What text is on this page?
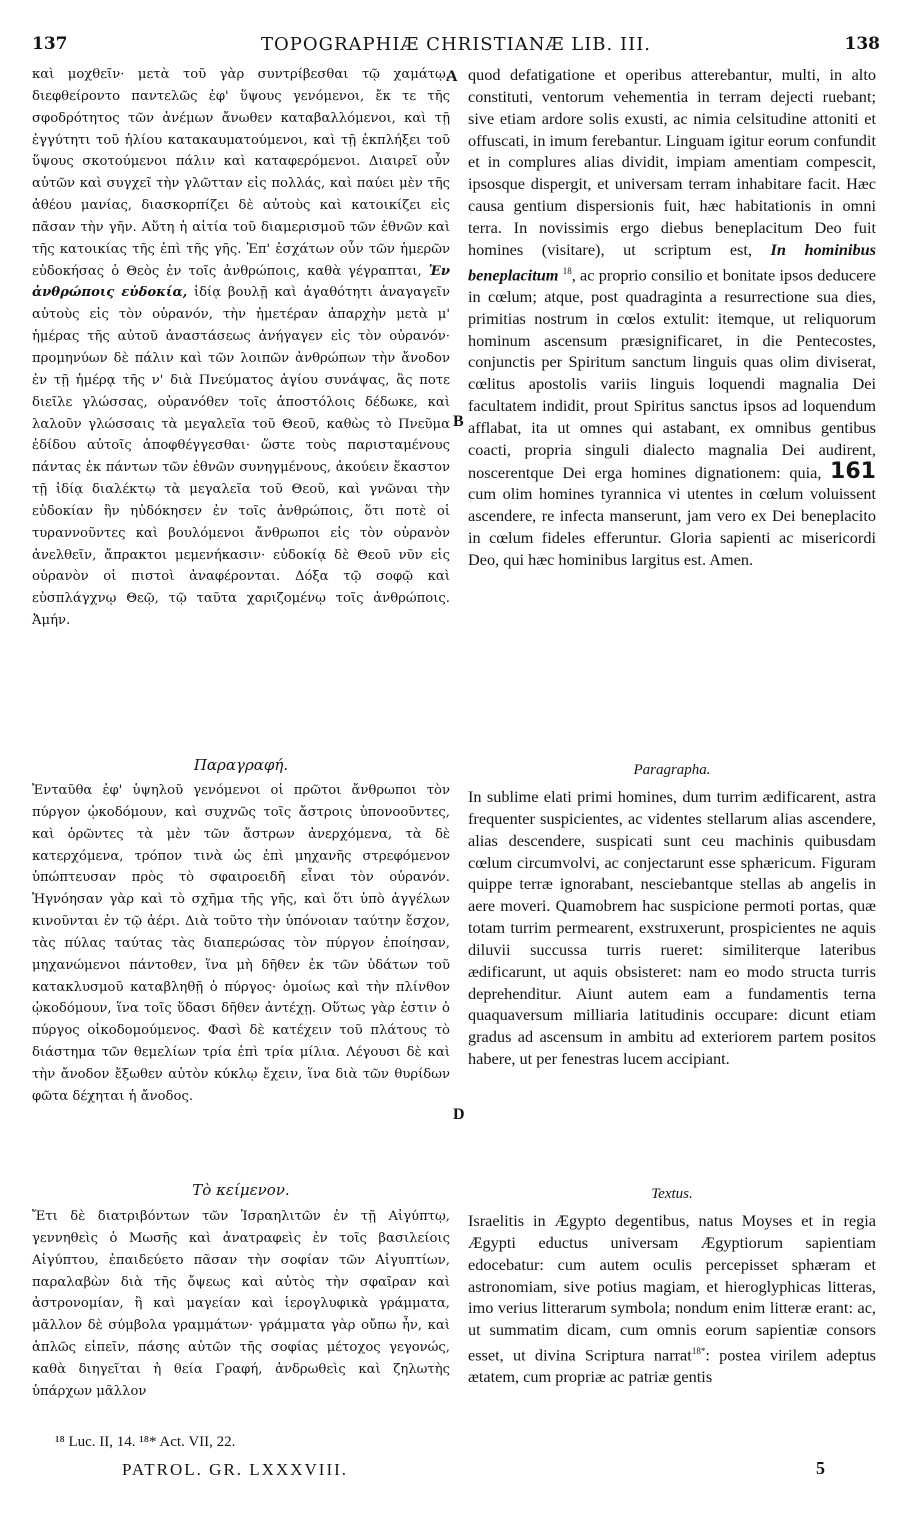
137	TOPOGRAPHIÆ CHRISTIANÆ LIB. III.	138

καὶ μοχθεῖν· μετὰ τοῦ γὰρ συντρίβεσθαι τῷ χαμάτῳ, διεφθείροντο παντελῶς ἐφ' ὕψους γενόμενοι, ἔκ τε τῆς σφοδρότητος τῶν ἀνέμων ἄνωθεν καταβαλλόμενοι, καὶ τῇ ἐγγύτητι τοῦ ἡλίου κατακαυματούμενοι, καὶ τῇ ἐκπλήξει τοῦ ὕψους σκοτούμενοι πάλιν καὶ καταφερόμενοι. Διαιρεῖ οὖν αὐτῶν καὶ συγχεῖ τὴν γλῶτταν εἰς πολλάς, καὶ παύει μὲν τῆς ἀθέου μανίας, διασκορπίζει δὲ αὐτοὺς καὶ κατοικίζει εἰς πᾶσαν τὴν γῆν. Αὕτη ἡ αἰτία τοῦ διαμερισμοῦ τῶν ἐθνῶν καὶ τῆς κατοικίας τῆς ἐπὶ τῆς γῆς. Ἐπ' ἐσχάτων οὖν τῶν ἡμερῶν εὐδοκήσας ὁ Θεὸς ἐν τοῖς ἀνθρώποις, καθὰ γέγραπται, Ἐν ἀνθρώποις εὐδοκία, ἰδίᾳ βουλῇ καὶ ἀγαθότητι ἀναγαγεῖν αὐτοὺς εἰς τὸν οὐρανόν, τὴν ἡμετέραν ἀπαρχὴν μετὰ μ' ἡμέρας τῆς αὐτοῦ ἀναστάσεως ἀνήγαγεν εἰς τὸν οὐρανόν· προμηνύων δὲ πάλιν καὶ τῶν λοιπῶν ἀνθρώπων τὴν ἄνοδον ἐν τῇ ἡμέρᾳ τῆς ν' διὰ Πνεύματος ἁγίου συνάψας, ἃς ποτε διεῖλε γλώσσας, οὐρανόθεν τοῖς ἀποστόλοις δέδωκε, καὶ λαλοῦν γλώσσαις τὰ μεγαλεῖα τοῦ Θεοῦ, καθὼς τὸ Πνεῦμα ἐδίδου αὐτοῖς ἀποφθέγγεσθαι· ὥστε τοὺς παρισταμένους πάντας ἐκ πάντων τῶν ἐθνῶν συνηγμένους, ἀκούειν ἕκαστον τῇ ἰδίᾳ διαλέκτῳ τὰ μεγαλεῖα τοῦ Θεοῦ, καὶ γνῶναι τὴν εὐδοκίαν ἣν ηὐδόκησεν ἐν τοῖς ἀνθρώποις, ὅτι ποτὲ οἱ τυραννοῦντες καὶ βουλόμενοι ἄνθρωποι εἰς τὸν οὐρανὸν ἀνελθεῖν, ἄπρακτοι μεμενήκασιν· εὐδοκίᾳ δὲ Θεοῦ νῦν εἰς οὐρανὸν οἱ πιστοὶ ἀναφέρονται. Δόξα τῷ σοφῷ καὶ εὐσπλάγχνῳ Θεῷ, τῷ ταῦτα χαριζομένῳ τοῖς ἀνθρώποις. Ἀμήν.

Παραγραφή.

Ἐνταῦθα ἐφ' ὑψηλοῦ γενόμενοι οἱ πρῶτοι ἄνθρωποι τὸν πύργον ᾠκοδόμουν, καὶ συχνῶς τοῖς ἄστροις ὑπονοοῦντες, καὶ ὁρῶντες τὰ μὲν τῶν ἄστρων ἀνερχόμενα, τὰ δὲ κατερχόμενα, τρόπον τινὰ ὡς ἐπὶ μηχανῆς στρεφόμενον ὑπώπτευσαν πρὸς τὸ σφαιροειδῆ εἶναι τὸν οὐρανόν. Ἠγνόησαν γὰρ καὶ τὸ σχῆμα τῆς γῆς, καὶ ὅτι ὑπὸ ἀγγέλων κινοῦνται ἐν τῷ ἀέρι. Διὰ τοῦτο τὴν ὑπόνοιαν ταύτην ἔσχον, τὰς πύλας ταύτας τὰς διαπερώσας τὸν πύργον ἐποίησαν, μηχανώμενοι πάντοθεν, ἵνα μὴ δῆθεν ἐκ τῶν ὑδάτων τοῦ κατακλυσμοῦ καταβληθῇ ὁ πύργος· ὁμοίως καὶ τὴν πλίνθον ᾠκοδόμουν, ἵνα τοῖς ὕδασι δῆθεν ἀντέχῃ. Οὕτως γὰρ ἐστιν ὁ πύργος οἰκοδομούμενος. Φασὶ δὲ κατέχειν τοῦ πλάτους τὸ διάστημα τῶν θεμελίων τρία ἐπὶ τρία μίλια. Λέγουσι δὲ καὶ τὴν ἄνοδον ἔξωθεν αὐτὸν κύκλῳ ἔχειν, ἵνα διὰ τῶν θυρίδων φῶτα δέχηται ἡ ἄνοδος.

Τὸ κείμενον.

Ἔτι δὲ διατριβόντων τῶν Ἰσραηλιτῶν ἐν τῇ Αἰγύπτῳ, γεννηθεὶς ὁ Μωσῆς καὶ ἀνατραφεὶς ἐν τοῖς βασιλείοις Αἰγύπτου, ἐπαιδεύετο πᾶσαν τὴν σοφίαν τῶν Αἰγυπτίων, παραλαβὼν διὰ τῆς ὄψεως καὶ αὐτὸς τὴν σφαῖραν καὶ ἀστρονομίαν, ἢ καὶ μαγείαν καὶ ἱερογλυφικὰ γράμματα, μᾶλλον δὲ σύμβολα γραμμάτων· γράμματα γὰρ οὔπω ἦν, καὶ ἁπλῶς εἰπεῖν, πάσης αὐτῶν τῆς σοφίας μέτοχος γεγονώς, καθὰ διηγεῖται ἡ θεία Γραφή, ἀνδρωθεὶς καὶ ζηλωτὴς ὑπάρχων μᾶλλον

A
B
D

quod defatigatione et operibus atterebantur, multi, in alto constituti, ventorum vehementia in terram dejecti ruebant; sive etiam ardore solis exusti, ac nimia celsitudine attoniti et offuscati, in imum ferebantur. Linguam igitur eorum confundit et in complures alias dividit, impiam amentiam compescit, ipsosque dispergit, et universam terram inhabitare facit. Hæc causa gentium dispersionis fuit, hæc habitationis in omni terra. In novissimis ergo diebus beneplacitum Deo fuit homines (visitare), ut scriptum est, In hominibus beneplacitum $^{18}$, ac proprio consilio et bonitate ipsos deducere in cœlum; atque, post quadraginta a resurrectione sua dies, primitias nostrum in cœlos extulit: itemque, ut reliquorum hominum ascensum præsignificaret, in die Pentecostes, conjunctis per Spiritum sanctum linguis quas olim diviserat, cœlitus apostolis variis linguis loquendi magnalia Dei facultatem indidit, prout Spiritus sanctus ipsos ad loquendum afflabat, ita ut omnes qui astabant, ex omnibus gentibus coacti, propria singuli dialecto magnalia Dei audirent, noscerentque Dei erga homines dignationem: quia, 161 cum olim homines tyrannica vi utentes in cœlum voluissent ascendere, re infecta manserunt, jam vero ex Dei beneplacito in cœlum fideles efferuntur. Gloria sapienti ac misericordi Deo, qui hæc hominibus largitus est. Amen.

Paragrapha.

In sublime elati primi homines, dum turrim ædificarent, astra frequenter suspicientes, ac videntes stellarum alias ascendere, alias descendere, suspicati sunt ceu machinis quibusdam cœlum circumvolvi, ac conjectarunt esse sphæricum. Figuram quippe terræ ignorabant, nesciebantque stellas ab angelis in aere moveri. Quamobrem hac suspicione permoti portas, quæ totam turrim permearent, exstruxerunt, prospicientes ne aquis diluvii succussa turris rueret: similiterque lateribus ædificarunt, ut aquis obsisteret: nam eo modo structa turris deprehenditur. Aiunt autem eam a fundamentis terna quaquaversum milliaria latitudinis occupare: dicunt etiam gradus ad ascensum in ambitu ad exteriorem partem positos habere, ut per fenestras lucem accipiant.

Textus.

Israelitis in Ægypto degentibus, natus Moyses et in regia Ægypti eductus universam Ægyptiorum sapientiam edocebatur: cum autem oculis percepisset sphæram et astronomiam, sive potius magiam, et hieroglyphicas litteras, imo verius litterarum symbola; nondum enim litteræ erant: ac, ut summatim dicam, cum omnis eorum sapientiæ consors esset, ut divina Scriptura narrat$^{18*}$: postea virilem adeptus ætatem, cum propriæ ac patriæ gentis

¹⁸ Luc. II, 14. ¹⁸* Act. VII, 22.
PATROL. GR. LXXXVIII.	5
